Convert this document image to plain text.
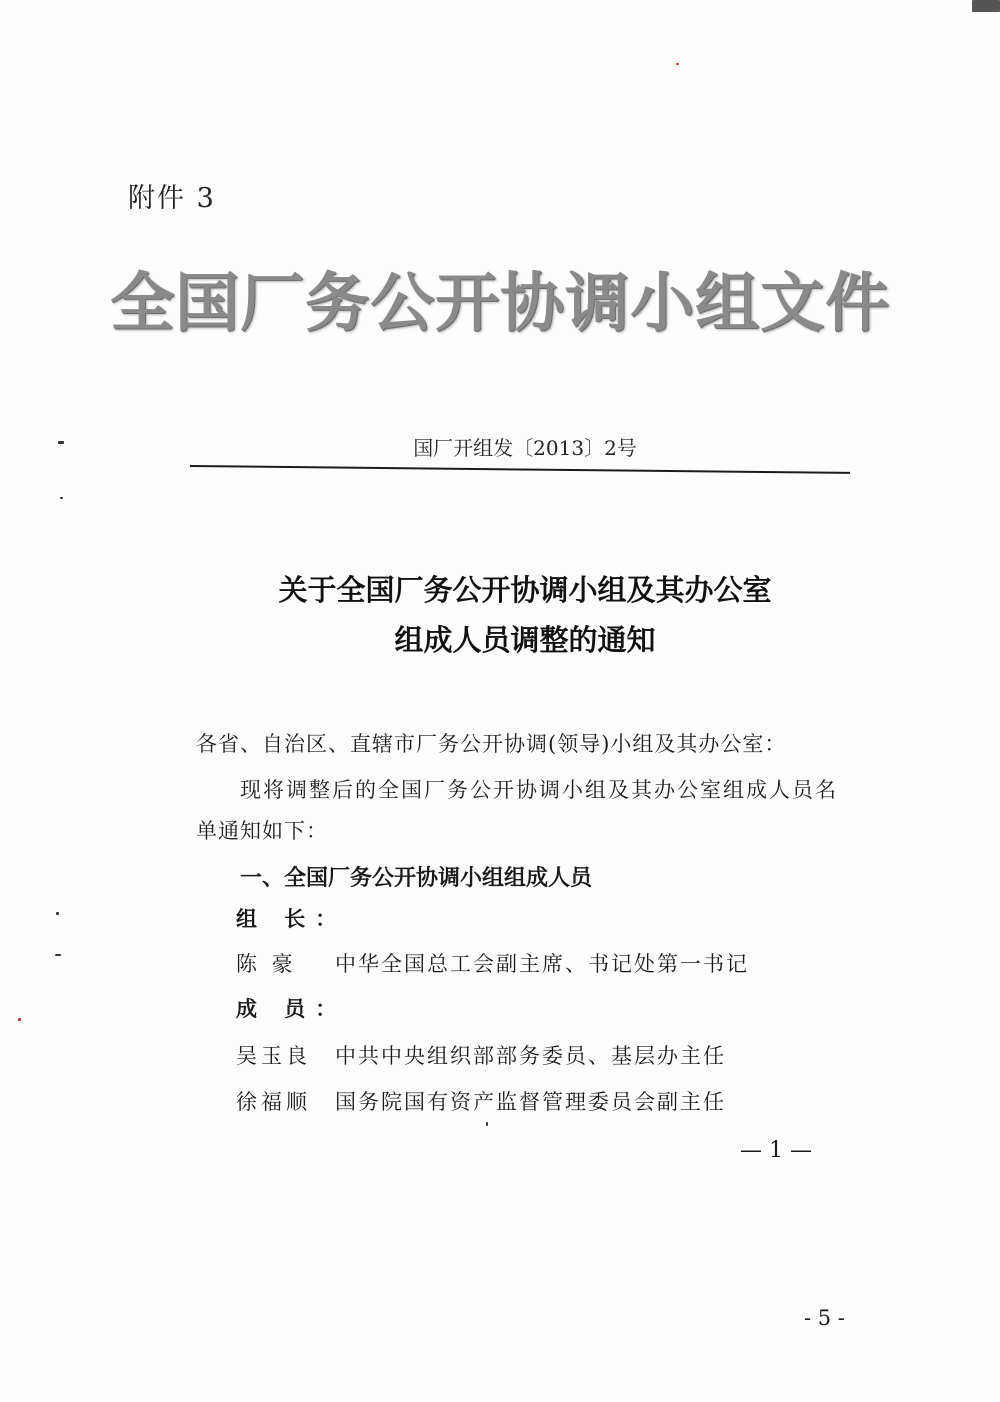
附件 3
全国厂务公开协调小组文件
国厂开组发〔2013〕2号
关于全国厂务公开协调小组及其办公室
组成人员调整的通知
各省、自治区、直辖市厂务公开协调(领导)小组及其办公室：
现将调整后的全国厂务公开协调小组及其办公室组成人员名
单通知如下：
一、全国厂务公开协调小组组成人员
组 长：
陈 豪 中华全国总工会副主席、书记处第一书记
成 员：
吴玉良 中共中央组织部部务委员、基层办主任
徐福顺 国务院国有资产监督管理委员会副主任
— 1 —
- 5 -
